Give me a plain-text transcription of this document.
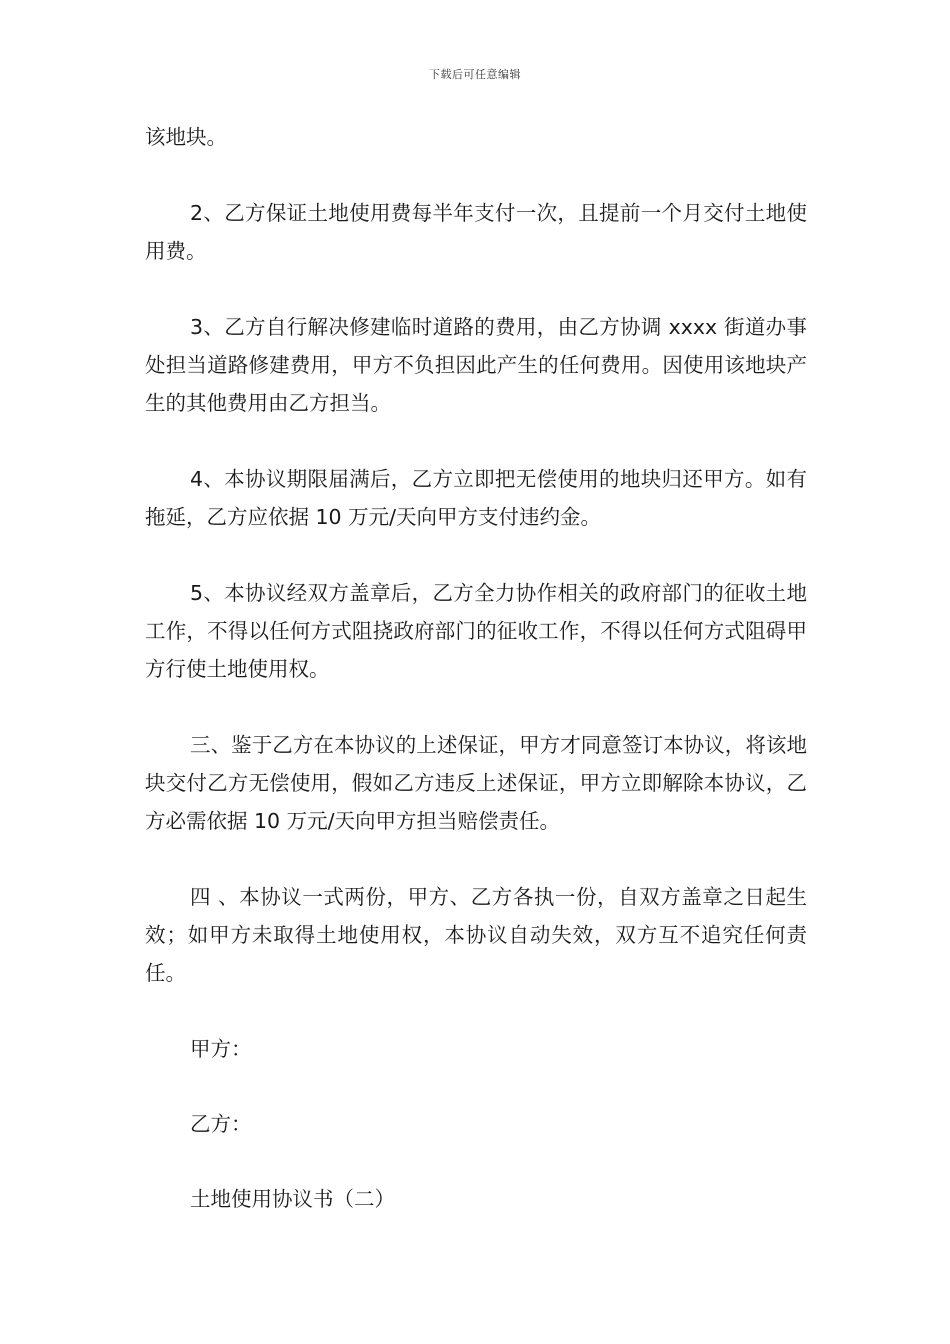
下载后可任意编辑

该地块。

2、乙方保证土地使用费每半年支付一次，且提前一个月交付土地使用费。

3、乙方自行解决修建临时道路的费用，由乙方协调 xxxx 街道办事处担当道路修建费用，甲方不负担因此产生的任何费用。因使用该地块产生的其他费用由乙方担当。

4、本协议期限届满后，乙方立即把无偿使用的地块归还甲方。如有拖延，乙方应依据 10 万元/天向甲方支付违约金。

5、本协议经双方盖章后，乙方全力协作相关的政府部门的征收土地工作，不得以任何方式阻挠政府部门的征收工作，不得以任何方式阻碍甲方行使土地使用权。

三、鉴于乙方在本协议的上述保证，甲方才同意签订本协议，将该地块交付乙方无偿使用，假如乙方违反上述保证，甲方立即解除本协议，乙方必需依据 10 万元/天向甲方担当赔偿责任。

四 、本协议一式两份，甲方、乙方各执一份，自双方盖章之日起生效；如甲方未取得土地使用权，本协议自动失效，双方互不追究任何责任。

甲方：

乙方：

土地使用协议书（二）
